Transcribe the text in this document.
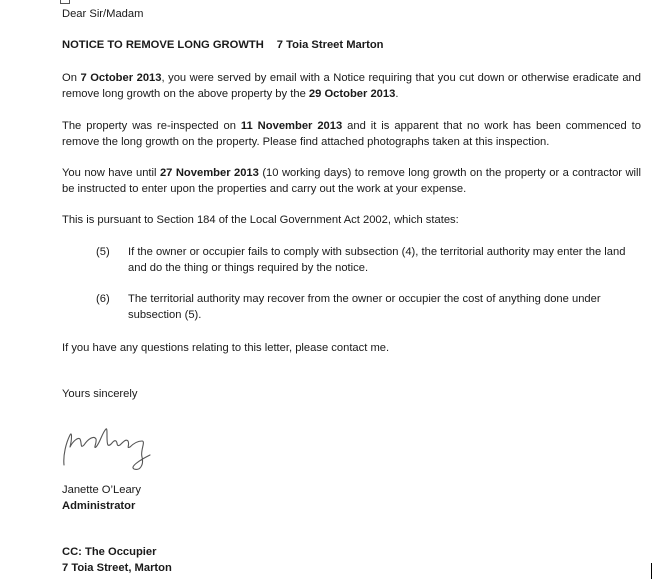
Dear Sir/Madam
NOTICE TO REMOVE LONG GROWTH 7 Toia Street Marton
On 7 October 2013, you were served by email with a Notice requiring that you cut down or otherwise eradicate and remove long growth on the above property by the 29 October 2013.
The property was re-inspected on 11 November 2013 and it is apparent that no work has been commenced to remove the long growth on the property. Please find attached photographs taken at this inspection.
You now have until 27 November 2013 (10 working days) to remove long growth on the property or a contractor will be instructed to enter upon the properties and carry out the work at your expense.
This is pursuant to Section 184 of the Local Government Act 2002, which states:
(5) If the owner or occupier fails to comply with subsection (4), the territorial authority may enter the land and do the thing or things required by the notice.
(6) The territorial authority may recover from the owner or occupier the cost of anything done under subsection (5).
If you have any questions relating to this letter, please contact me.
Yours sincerely
Janette O’Leary
Administrator
CC: The Occupier
7 Toia Street, Marton
